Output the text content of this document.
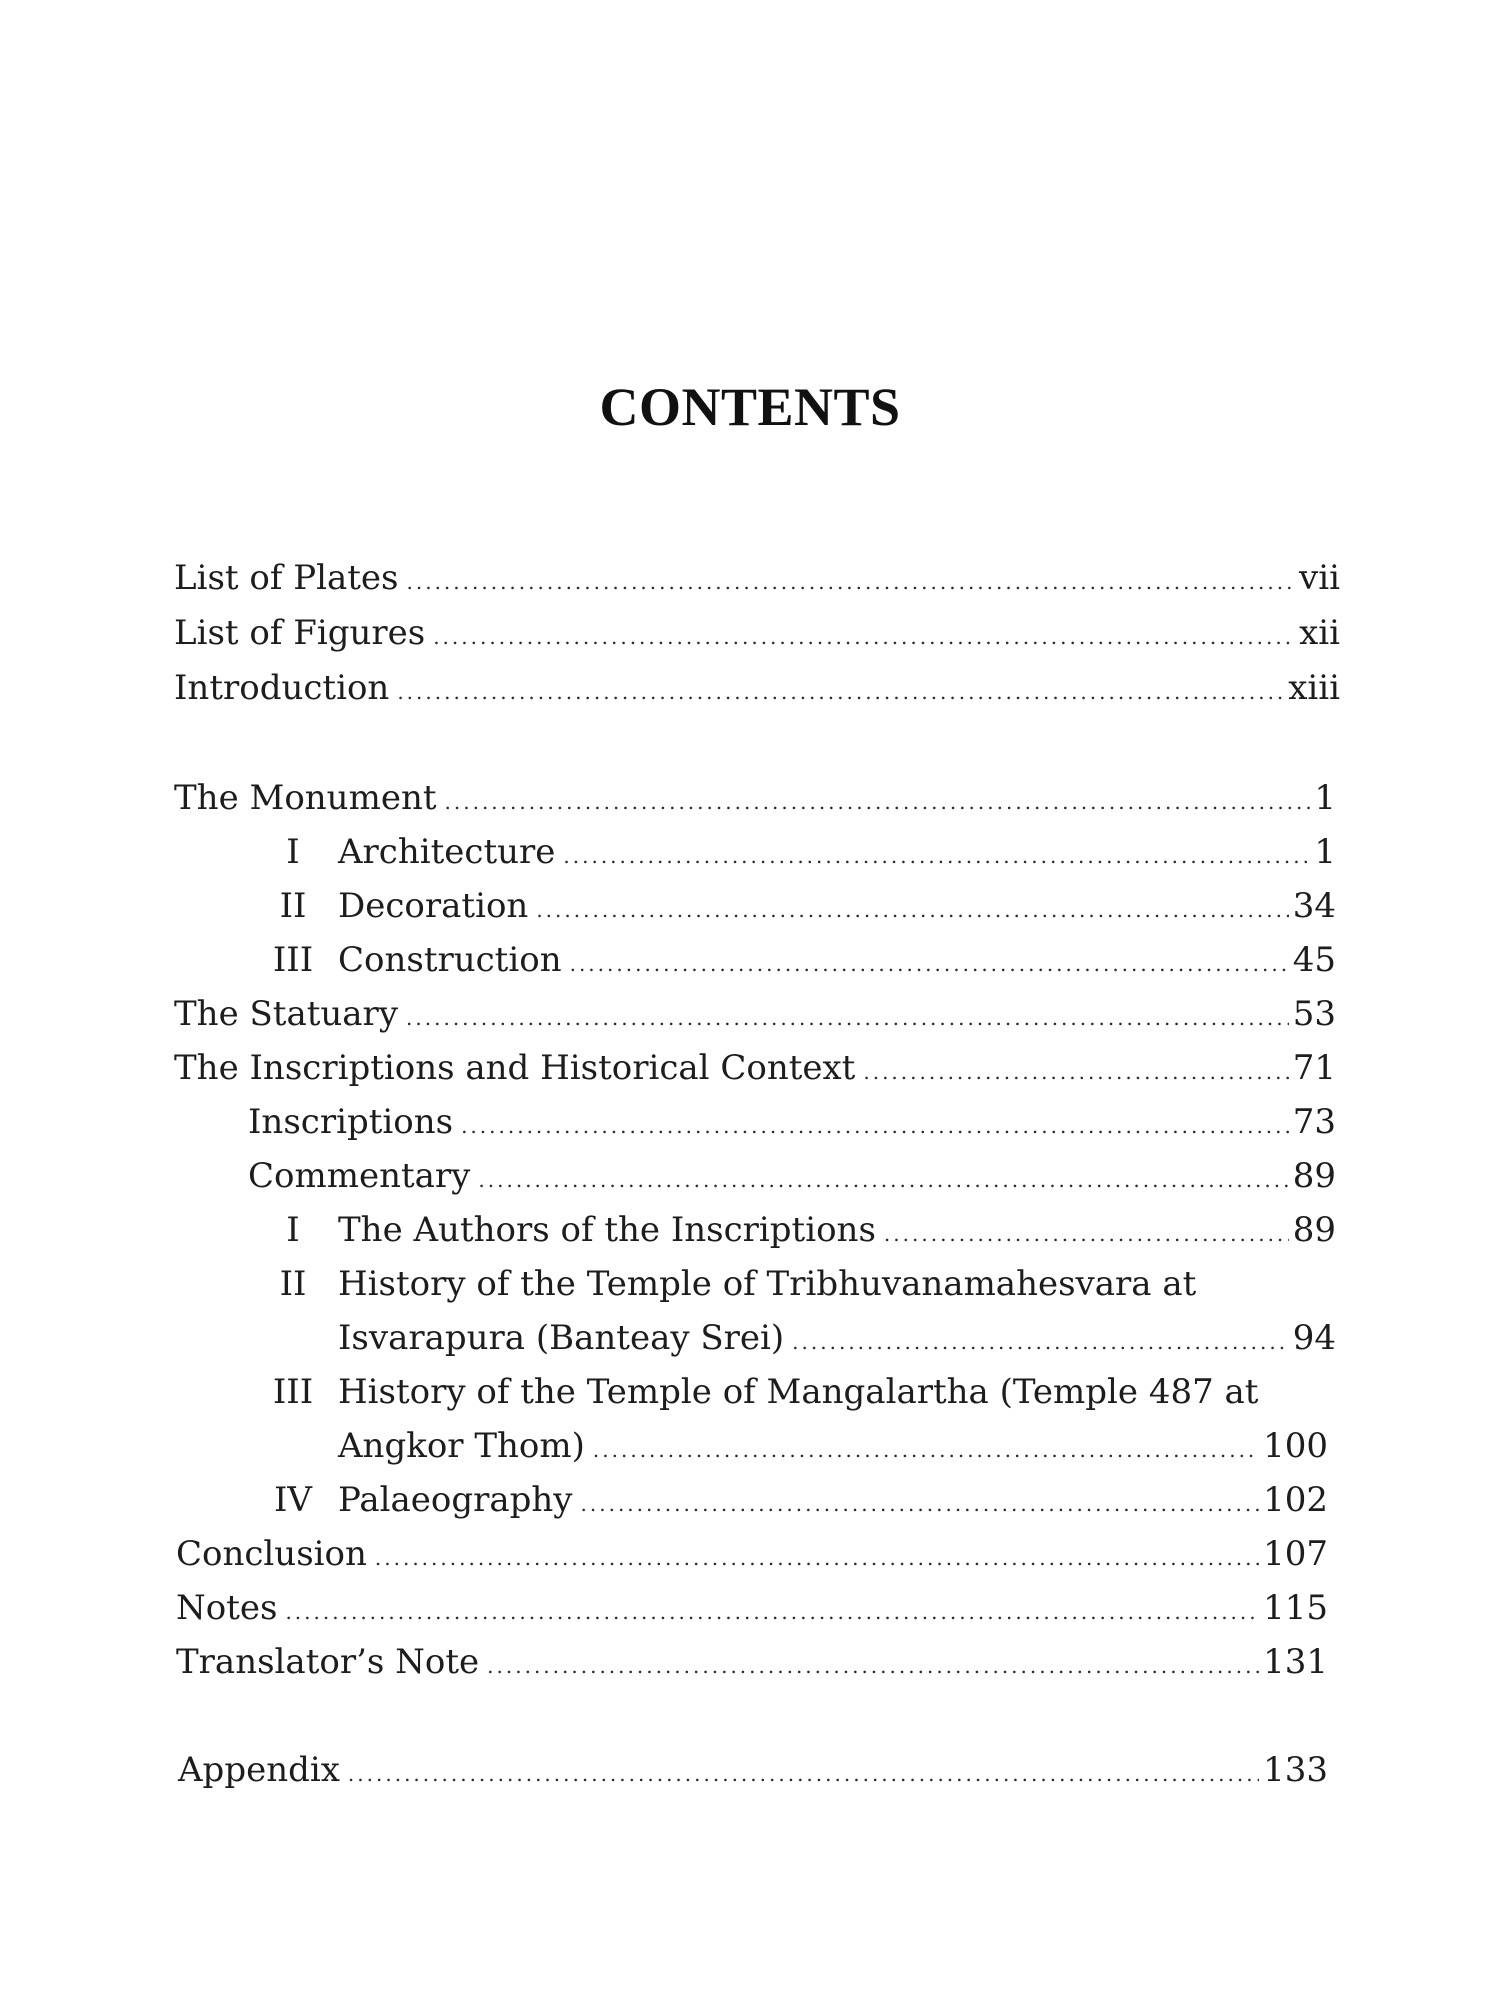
CONTENTS
List of Plates .....	vii
List of Figures .....	xii
Introduction .....	xiii
The Monument .....	1
I	Architecture .....	1
II Decoration .....	34
III Construction .....	45
The Statuary .....	53
The Inscriptions and Historical Context .....	71
Inscriptions .....	73
Commentary .....	89
I	The Authors of the Inscriptions .....	89
II History of the Temple of Tribhuvanamahesvara at
Isvarapura (Banteay Srei) .....	94
III History of the Temple of Mangalartha (Temple 487 at
Angkor Thom) .....	100
IV Palaeography .....	102
Conclusion .....	107
Notes .....	115
Translator’s Note .....	131
Appendix .....	133
